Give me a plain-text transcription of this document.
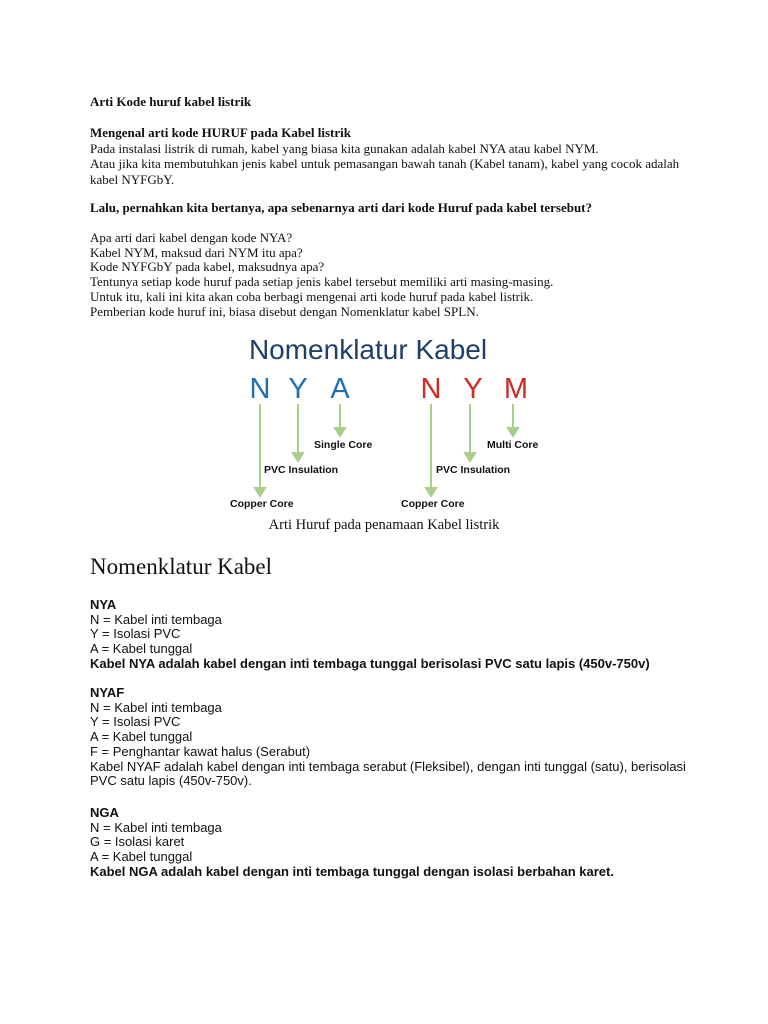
Arti Kode huruf kabel listrik
Mengenal arti kode HURUF pada Kabel listrik
Pada instalasi listrik di rumah, kabel yang biasa kita gunakan adalah kabel NYA atau kabel NYM.
Atau jika kita membutuhkan jenis kabel untuk pemasangan bawah tanah (Kabel tanam), kabel yang cocok adalah
kabel NYFGbY.
Lalu, pernahkan kita bertanya, apa sebenarnya arti dari kode Huruf pada kabel tersebut?
Apa arti dari kabel dengan kode NYA?
Kabel NYM, maksud dari NYM itu apa?
Kode NYFGbY pada kabel, maksudnya apa?
Tentunya setiap kode huruf pada setiap jenis kabel tersebut memiliki arti masing-masing.
Untuk itu, kali ini kita akan coba berbagi mengenai arti kode huruf pada kabel listrik.
Pemberian kode huruf ini, biasa disebut dengan Nomenklatur kabel SPLN.
Nomenklatur Kabel
N Y A N Y M
Single Core
PVC Insulation
Copper Core
Multi Core
PVC Insulation
Copper Core
Arti Huruf pada penamaan Kabel listrik
Nomenklatur Kabel
NYA
N = Kabel inti tembaga
Y = Isolasi PVC
A = Kabel tunggal
Kabel NYA adalah kabel dengan inti tembaga tunggal berisolasi PVC satu lapis (450v-750v)
NYAF
N = Kabel inti tembaga
Y = Isolasi PVC
A = Kabel tunggal
F = Penghantar kawat halus (Serabut)
Kabel NYAF adalah kabel dengan inti tembaga serabut (Fleksibel), dengan inti tunggal (satu), berisolasi
PVC satu lapis (450v-750v).
NGA
N = Kabel inti tembaga
G = Isolasi karet
A = Kabel tunggal
Kabel NGA adalah kabel dengan inti tembaga tunggal dengan isolasi berbahan karet.
